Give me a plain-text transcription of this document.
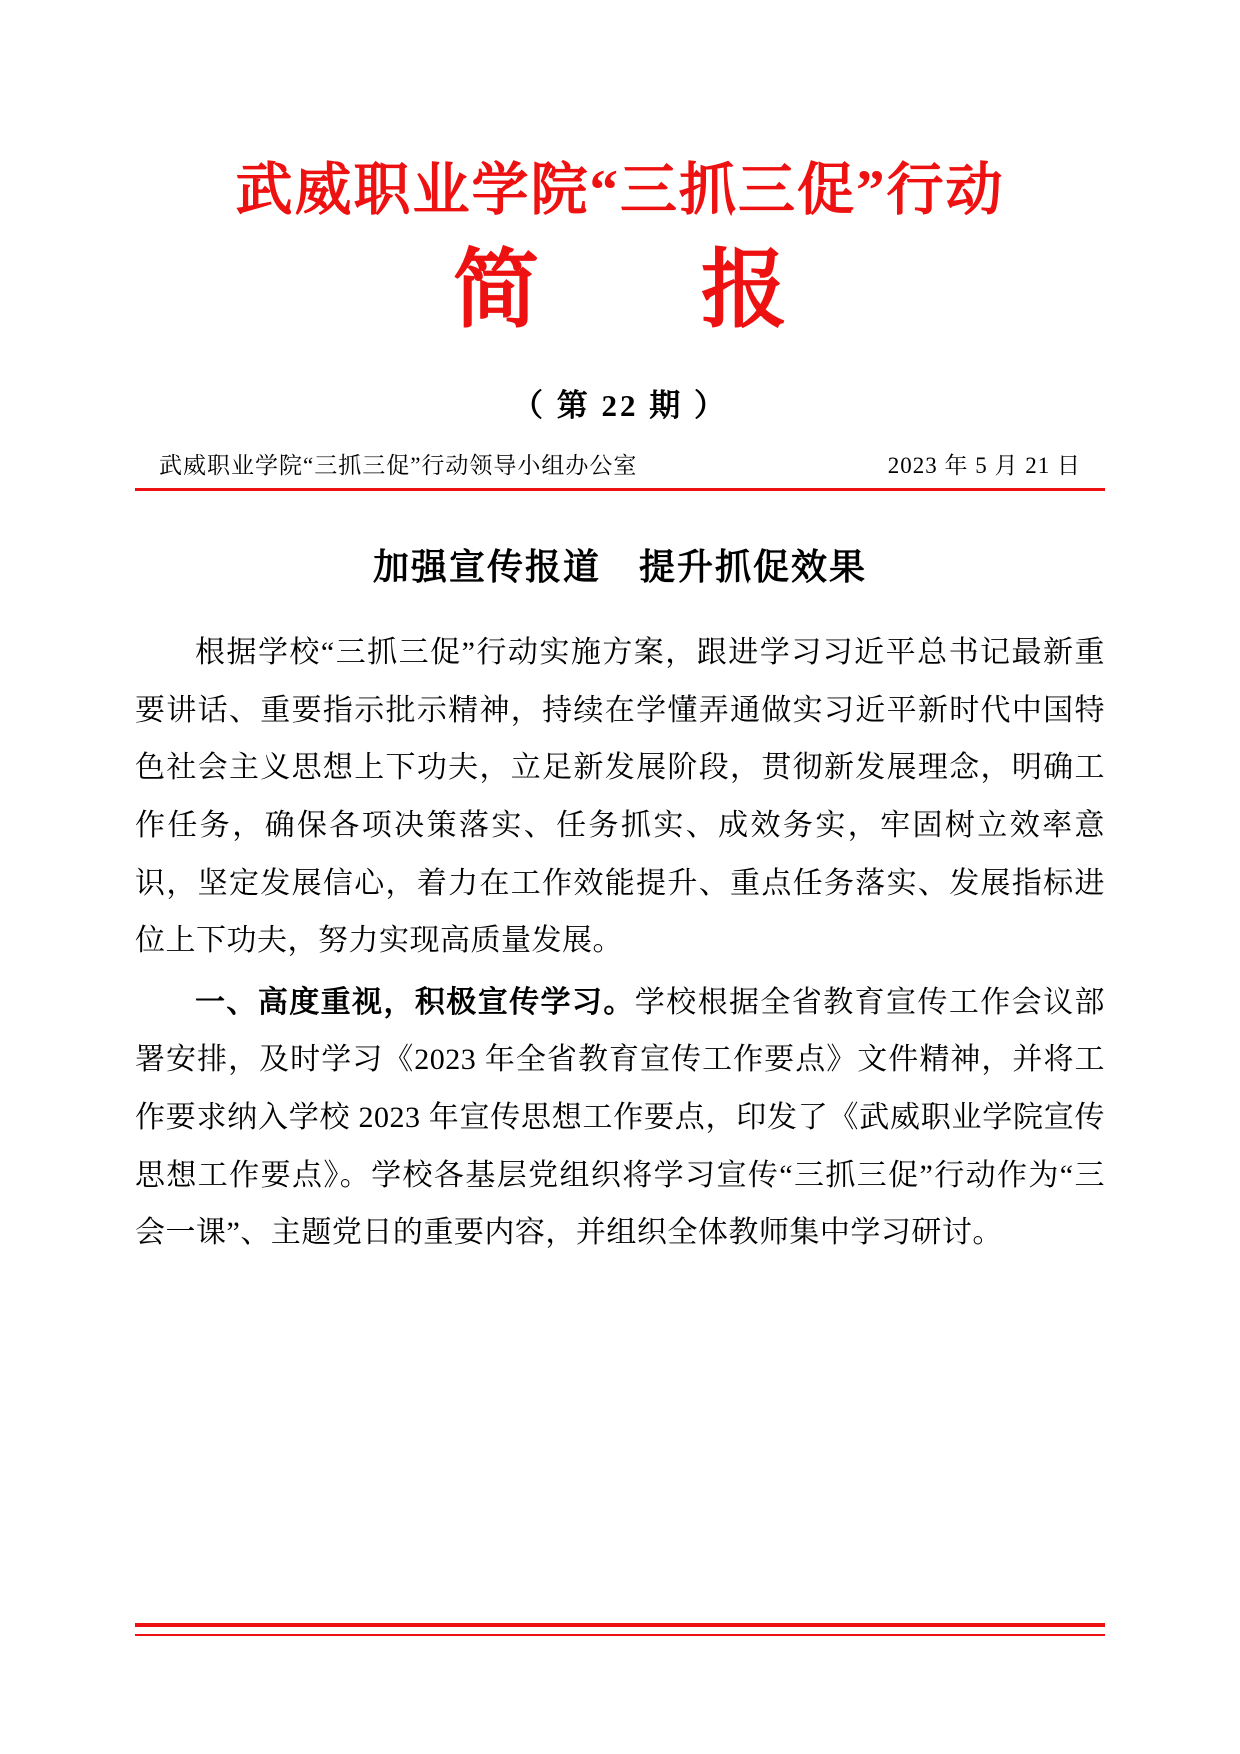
武威职业学院“三抓三促”行动
简　报
（ 第 22 期 ）
武威职业学院“三抓三促”行动领导小组办公室	2023 年 5 月 21 日
加强宣传报道　提升抓促效果

根据学校“三抓三促”行动实施方案，跟进学习习近平总书记最新重要讲话、重要指示批示精神，持续在学懂弄通做实习近平新时代中国特色社会主义思想上下功夫，立足新发展阶段，贯彻新发展理念，明确工作任务，确保各项决策落实、任务抓实、成效务实，牢固树立效率意识，坚定发展信心，着力在工作效能提升、重点任务落实、发展指标进位上下功夫，努力实现高质量发展。

一、高度重视，积极宣传学习。学校根据全省教育宣传工作会议部署安排，及时学习《2023 年全省教育宣传工作要点》文件精神，并将工作要求纳入学校 2023 年宣传思想工作要点，印发了《武威职业学院宣传思想工作要点》。学校各基层党组织将学习宣传“三抓三促”行动作为“三会一课”、主题党日的重要内容，并组织全体教师集中学习研讨。
